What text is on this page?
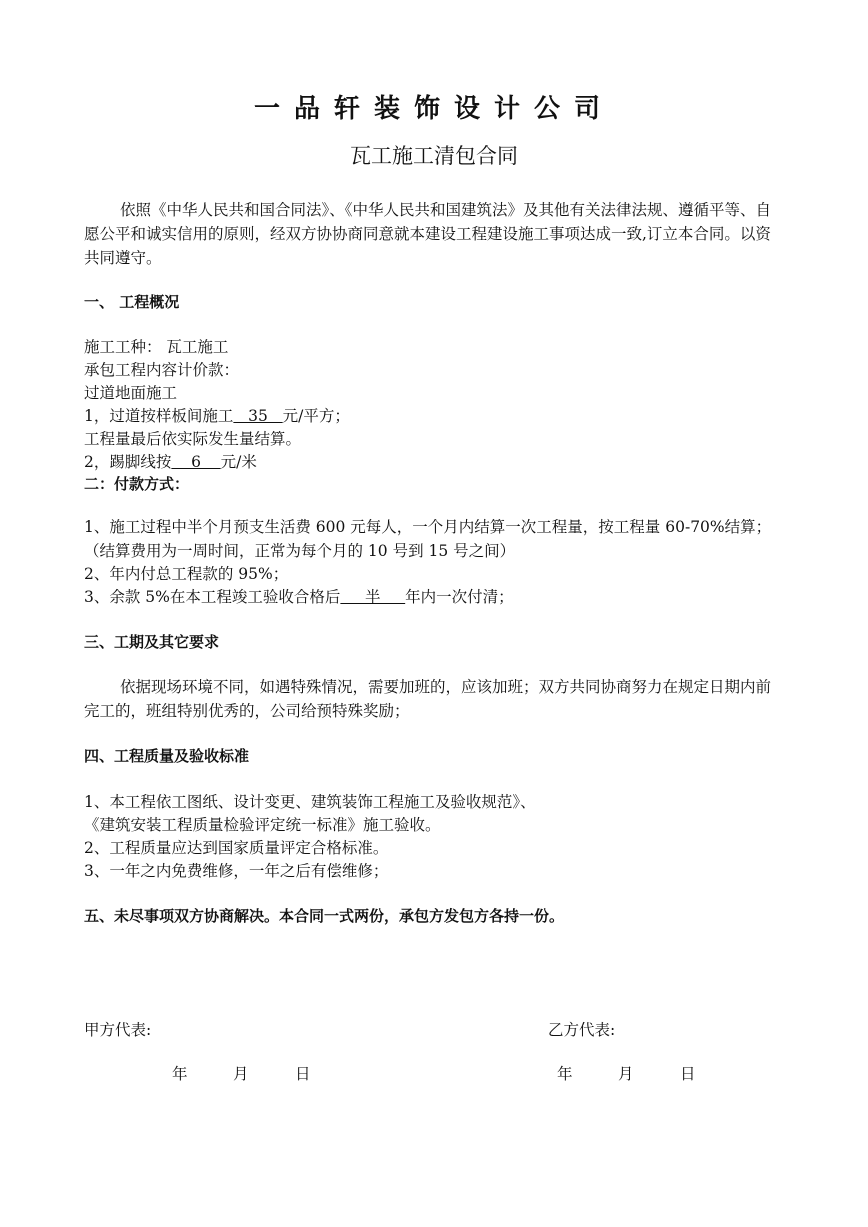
一品轩装饰设计公司
瓦工施工清包合同
依照《中华人民共和国合同法》、《中华人民共和国建筑法》及其他有关法律法规、遵循平等、自愿公平和诚实信用的原则，经双方协协商同意就本建设工程建设施工事项达成一致,订立本合同。以资共同遵守。
一、 工程概况
施工工种： 瓦工施工
承包工程内容计价款：
过道地面施工
1，过道按样板间施工   35   元/平方；
工程量最后依实际发生量结算。
2，踢脚线按    6    元/米
二：付款方式：
1、施工过程中半个月预支生活费 600 元每人，一个月内结算一次工程量，按工程量 60-70%结算；（结算费用为一周时间，正常为每个月的 10 号到 15 号之间）
2、年内付总工程款的 95%；
3、余款 5%在本工程竣工验收合格后     半     年内一次付清；
三、工期及其它要求
依据现场环境不同，如遇特殊情况，需要加班的，应该加班；双方共同协商努力在规定日期内前完工的，班组特别优秀的，公司给预特殊奖励；
四、工程质量及验收标准
1、本工程依工图纸、设计变更、建筑装饰工程施工及验收规范》、
《建筑安装工程质量检验评定统一标准》施工验收。
2、工程质量应达到国家质量评定合格标准。
3、一年之内免费维修，一年之后有偿维修；
五、未尽事项双方协商解决。本合同一式两份，承包方发包方各持一份。
甲方代表:	乙方代表:
年	月	日	年	月	日
